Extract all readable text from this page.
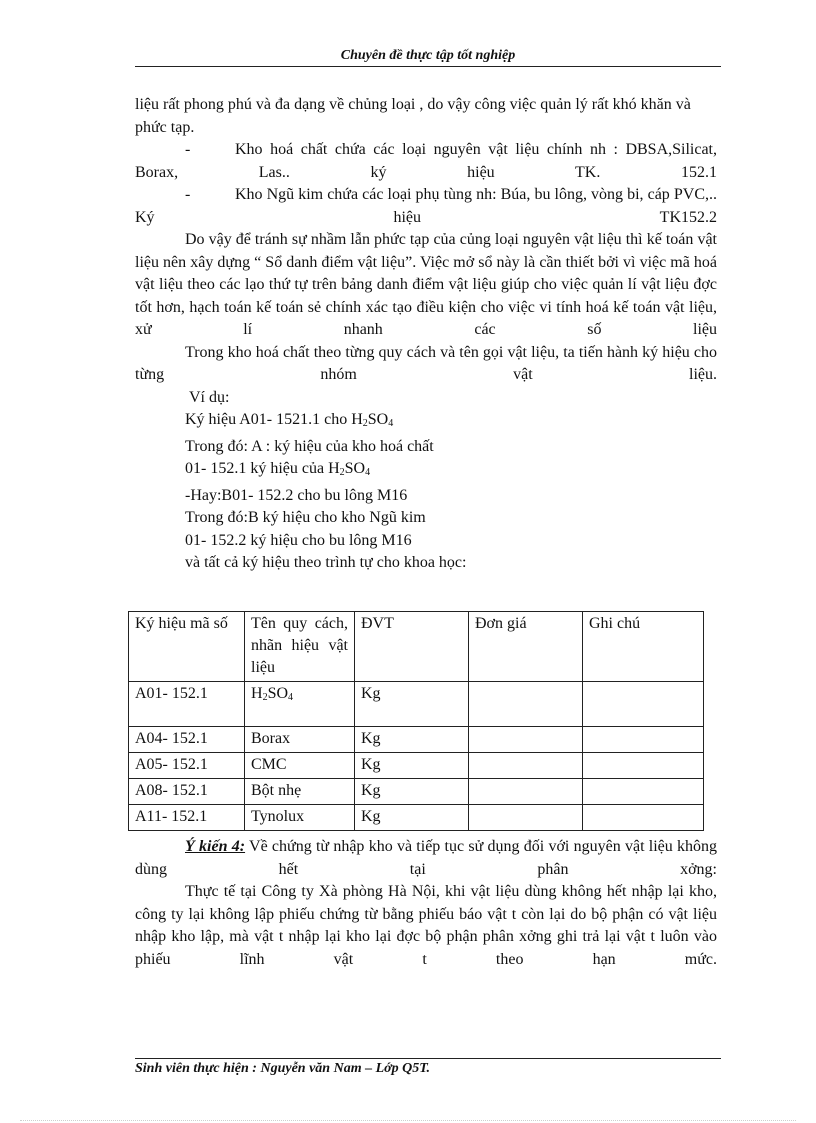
Chuyên đề thực tập tốt nghiệp

liệu rất phong phú và đa dạng về chủng loại , do vậy công việc quản lý rất khó khăn và phức tạp.

-	Kho hoá chất chứa các loại nguyên vật liệu chính nh : DBSA,Silicat, Borax, Las.. ký hiệu TK. 152.1

-	Kho Ngũ kim chứa các loại phụ tùng nh: Búa, bu lông, vòng bi, cáp PVC,.. Ký hiệu TK152.2

Do vậy để tránh sự nhầm lẫn phức tạp của củng loại nguyên vật liệu thì kế toán vật liệu nên xây dựng “ Sổ danh điểm vật liệu”. Việc mở sổ này là cần thiết bởi vì việc mã hoá vật liệu theo các lạo thứ tự trên bảng danh điểm vật liệu giúp cho việc quản lí vật liệu đợc tốt hơn, hạch toán kế toán sẻ chính xác tạo điều kiện cho việc vi tính hoá kế toán vật liệu, xử lí nhanh các số liệu

Trong kho hoá chất theo từng quy cách và tên gọi vật liệu, ta tiến hành ký hiệu cho từng nhóm vật liệu.

Ví dụ:

Ký hiệu A01- 1521.1 cho $H_2SO_4$

Trong đó: A : ký hiệu của kho hoá chất

01- 152.1 ký hiệu của $H_2SO_4$

-Hay:B01- 152.2 cho bu lông M16

Trong đó:B ký hiệu cho kho Ngũ kim

01- 152.2 ký hiệu cho bu lông M16

và tất cả ký hiệu theo trình tự cho khoa học:

Ký hiệu mã số	Tên quy cách, nhãn hiệu vật liệu	ĐVT	Đơn giá	Ghi chú
A01- 152.1	$H_2SO_4$	Kg		
A04- 152.1	Borax	Kg		
A05- 152.1	CMC	Kg		
A08- 152.1	Bột nhẹ	Kg		
A11- 152.1	Tynolux	Kg		

Ý kiến 4: Về chứng từ nhập kho và tiếp tục sử dụng đối với nguyên vật liệu không dùng hết tại phân xởng:

Thực tế tại Công ty Xà phòng Hà Nội, khi vật liệu dùng không hết nhập lại kho, công ty lại không lập phiếu chứng từ bằng phiếu báo vật t còn lại do bộ phận có vật liệu nhập kho lập, mà vật t nhập lại kho lại đợc bộ phận phân xởng ghi trả lại vật t luôn vào phiếu lĩnh vật t theo hạn mức.

Sinh viên thực hiện : Nguyễn văn Nam – Lớp Q5T.
